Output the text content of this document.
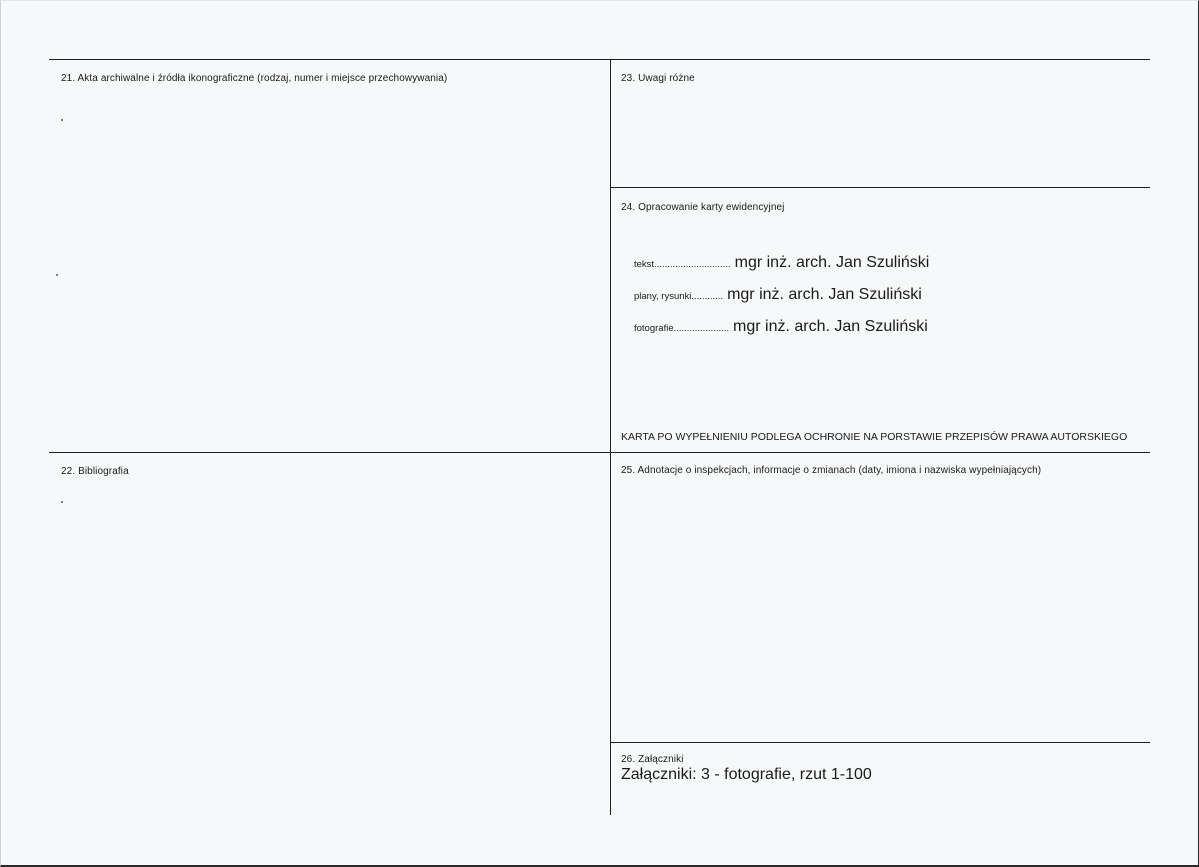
21. Akta archiwalne i źródła ikonograficzne (rodzaj, numer i miejsce przechowywania)
22. Bibliografia
23. Uwagi różne
24. Opracowanie karty ewidencyjnej
tekst............................. mgr inż. arch. Jan Szuliński
plany, rysunki............ mgr inż. arch. Jan Szuliński
fotografie..................... mgr inż. arch. Jan Szuliński
KARTA PO WYPEŁNIENIU PODLEGA OCHRONIE NA PORSTAWIE PRZEPISÓW PRAWA AUTORSKIEGO
25. Adnotacje o inspekcjach, informacje o zmianach (daty, imiona i nazwiska wypełniających)
26. Załączniki
Załączniki: 3 - fotografie, rzut 1-100
